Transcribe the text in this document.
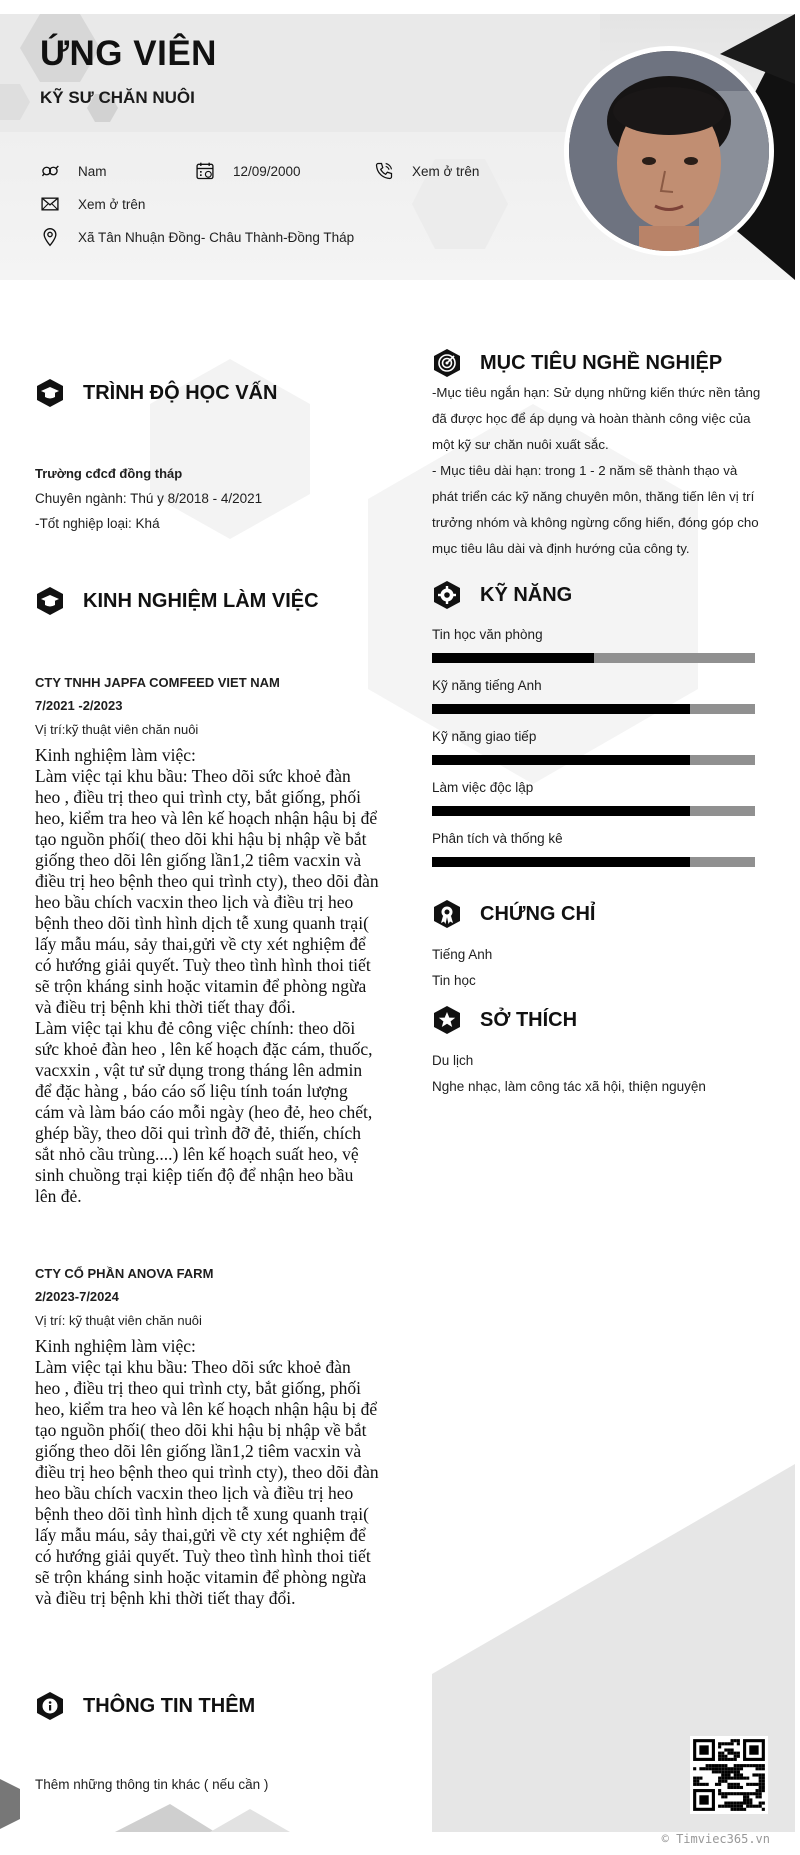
ỨNG VIÊN
KỸ SƯ CHĂN NUÔI
Nam	12/09/2000	Xem ở trên
Xem ở trên
Xã Tân Nhuận Đồng- Châu Thành-Đồng Tháp
TRÌNH ĐỘ HỌC VẤN
Trường cđcđ đồng tháp
Chuyên ngành: Thú y 8/2018 - 4/2021
-Tốt nghiệp loại: Khá
KINH NGHIỆM LÀM VIỆC
CTY TNHH JAPFA COMFEED VIET NAM
7/2021 -2/2023
Vị trí:kỹ thuật viên chăn nuôi
Kinh nghiệm làm việc:
Làm việc tại khu bầu: Theo dõi sức khoẻ đàn
heo , điều trị theo qui trình cty, bắt giống, phối
heo, kiểm tra heo và lên kế hoạch nhận hậu bị để
tạo nguồn phối( theo dõi khi hậu bị nhập về bắt
giống theo dõi lên giống lần1,2 tiêm vacxin và
điều trị heo bệnh theo qui trình cty), theo dõi đàn
heo bầu chích vacxin theo lịch và điều trị heo
bệnh theo dõi tình hình dịch tễ xung quanh trại(
lấy mẫu máu, sảy thai,gửi về cty xét nghiệm để
có hướng giải quyết. Tuỳ theo tình hình thoi tiết
sẽ trộn kháng sinh hoặc vitamin để phòng ngừa
và điều trị bệnh khi thời tiết thay đổi.
Làm việc tại khu đẻ công việc chính: theo dõi
sức khoẻ đàn heo , lên kế hoạch đặc cám, thuốc,
vacxxin , vật tư sử dụng trong tháng lên admin
để đặc hàng , báo cáo số liệu tính toán lượng
cám và làm báo cáo mỗi ngày (heo đẻ, heo chết,
ghép bầy, theo dõi qui trình đỡ đẻ, thiến, chích
sắt nhỏ cầu trùng....) lên kế hoạch suất heo, vệ
sinh chuồng trại kiệp tiến độ để nhận heo bầu
lên đẻ.
CTY CỔ PHẦN ANOVA FARM
2/2023-7/2024
Vị trí: kỹ thuật viên chăn nuôi
Kinh nghiệm làm việc:
Làm việc tại khu bầu: Theo dõi sức khoẻ đàn
heo , điều trị theo qui trình cty, bắt giống, phối
heo, kiểm tra heo và lên kế hoạch nhận hậu bị để
tạo nguồn phối( theo dõi khi hậu bị nhập về bắt
giống theo dõi lên giống lần1,2 tiêm vacxin và
điều trị heo bệnh theo qui trình cty), theo dõi đàn
heo bầu chích vacxin theo lịch và điều trị heo
bệnh theo dõi tình hình dịch tễ xung quanh trại(
lấy mẫu máu, sảy thai,gửi về cty xét nghiệm để
có hướng giải quyết. Tuỳ theo tình hình thoi tiết
sẽ trộn kháng sinh hoặc vitamin để phòng ngừa
và điều trị bệnh khi thời tiết thay đổi.
THÔNG TIN THÊM
Thêm những thông tin khác ( nếu cần )
MỤC TIÊU NGHỀ NGHIỆP
-Mục tiêu ngắn hạn: Sử dụng những kiến thức nền tảng
đã được học để áp dụng và hoàn thành công việc của
một kỹ sư chăn nuôi xuất sắc.
- Mục tiêu dài hạn: trong 1 - 2 năm sẽ thành thạo và
phát triển các kỹ năng chuyên môn, thăng tiến lên vị trí
trưởng nhóm và không ngừng cống hiến, đóng góp cho
mục tiêu lâu dài và định hướng của công ty.
KỸ NĂNG
Tin học văn phòng
Kỹ năng tiếng Anh
Kỹ năng giao tiếp
Làm việc độc lập
Phân tích và thống kê
CHỨNG CHỈ
Tiếng Anh
Tin học
SỞ THÍCH
Du lịch
Nghe nhạc, làm công tác xã hội, thiện nguyện
© Timviec365.vn
